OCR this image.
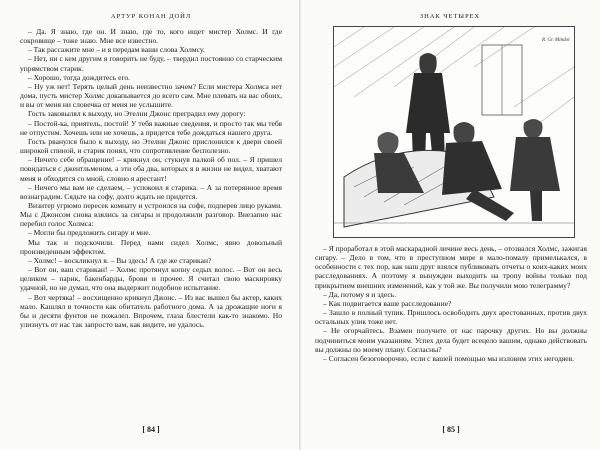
АРТУР КОНАН ДОЙЛ

– Да. Я знаю, где он. И знаю, где то, кого ищет мистер Холмс. И где сокровище – тоже знаю. Мне все известно.

– Так рассажите мне – и я передам ваши слова Холмсу.

– Нет, ни с кем другим я говорить не буду, – твердил постоянно со старческим упрямством старик.

– Хорошо, тогда дождитесь его.

– Ну уж нет! Терять целый день неизвестно зачем? Если мистера Холмса нет дома, пусть мистер Холмс докапывается до всего сам. Мне плевать на вас обоих, и вы от меня ни словечка от меня не услышите.

Гость заковылял к выходу, но Этелни Джонс преградил ему дорогу:

– Постой-ка, приятель, постой! У тебя важные сведения, и просто так мы тебя не отпустим. Хочешь или не хочешь, а придется тебе дождаться нашего друга.

Гость рванулся было к выходу, но Этелни Джонс прислонился к двери своей широкой спиной, и старик понял, что сопротивление бесполезно.

– Ничего себе обращение! – крикнул он, стукнув палкой об пол. – Я пришел повидаться с джентльменом, а эти оба два, которых я в жизни не видел, хватают меня и обходятся со мной, словно я арестант!

– Ничего мы вам не сделаем, – успокоил я старика. – А за потерянное время вознаградим. Сядьте на софу, долго ждать не придется.

Визитер угрюмо пересек комнату и устроился на софе, подперев лицо руками. Мы с Джонсом снова взялись за сигары и продолжили разговор. Внезапно нас перебил голос Холмса:

– Могли бы предложить сигару и мне.

Мы так и подскочили. Перед нами сидел Холмс, явно довольный произведенным эффектом.

– Холмс! – воскликнул я. – Вы здесь! А где же старикан?

– Вот он, ваш старикан! – Холмс протянул копну седых волос. – Вот он весь целиком – парик, бакенбарды, брови и прочее. Я считал свою маскировку удачной, но не думал, что она выдержит подобное испытание.

– Вот чертяка! – восхищенно крикнул Джонс. – Из вас вышел бы актер, каких мало. Кашлял в точности как обитатель работного дома. А за дрожащие ноги я бы и десяти фунтов не пожалел. Впрочем, глаза блестели как-то знакомо. Но улизнуть от нас так запросто вам, как видите, не удалось.

[ 84 ]
ЗНАК ЧЕТЫРЕХ
R. Gr. Mindor

– Я проработал в этой маскарадной личине весь день, – отозвался Холмс, зажигая сигару. – Дело в том, что в преступном мире я мало-помалу примелькался, в особенности с тех пор, как наш друг взялся публиковать отчеты о коих-каких моих расследованиях. А поэтому я вынужден выходить на тропу войны только под прикрытием внешних изменений, как у той же. Вы получили мою телеграмму?

– Да, потому я и здесь.

– Как подвигается ваше расследование?

– Зашло в полный тупик. Пришлось освободить двух арестованных, против двух остальных улик тоже нет.

– Не огорчайтесь. Взамен получите от нас парочку других. Но вы должны подчиниться моим указаниям. Успех дела будет всецело вашим, однако действовать вы должны по моему плану. Согласны?

– Согласен безоговорочно, если с вашей помощью мы изловим этих негодяев.

[ 85 ]
